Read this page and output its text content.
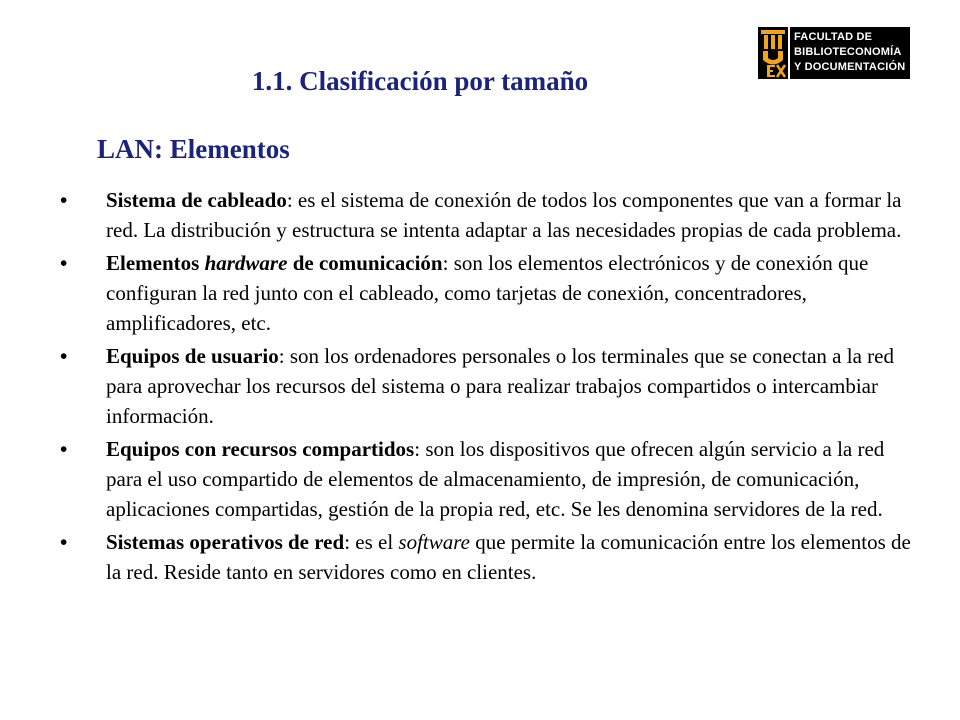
1.1. Clasificación por tamaño
LAN: Elementos
FACULTAD DE
BIBLIOTECONOMÍA
Y DOCUMENTACIÓN
• Sistema de cableado: es el sistema de conexión de todos los componentes que van a formar la red. La distribución y estructura se intenta adaptar a las necesidades propias de cada problema.
• Elementos hardware de comunicación: son los elementos electrónicos y de conexión que configuran la red junto con el cableado, como tarjetas de conexión, concentradores, amplificadores, etc.
• Equipos de usuario: son los ordenadores personales o los terminales que se conectan a la red para aprovechar los recursos del sistema o para realizar trabajos compartidos o intercambiar información.
• Equipos con recursos compartidos: son los dispositivos que ofrecen algún servicio a la red para el uso compartido de elementos de almacenamiento, de impresión, de comunicación, aplicaciones compartidas, gestión de la propia red, etc. Se les denomina servidores de la red.
• Sistemas operativos de red: es el software que permite la comunicación entre los elementos de la red. Reside tanto en servidores como en clientes.
